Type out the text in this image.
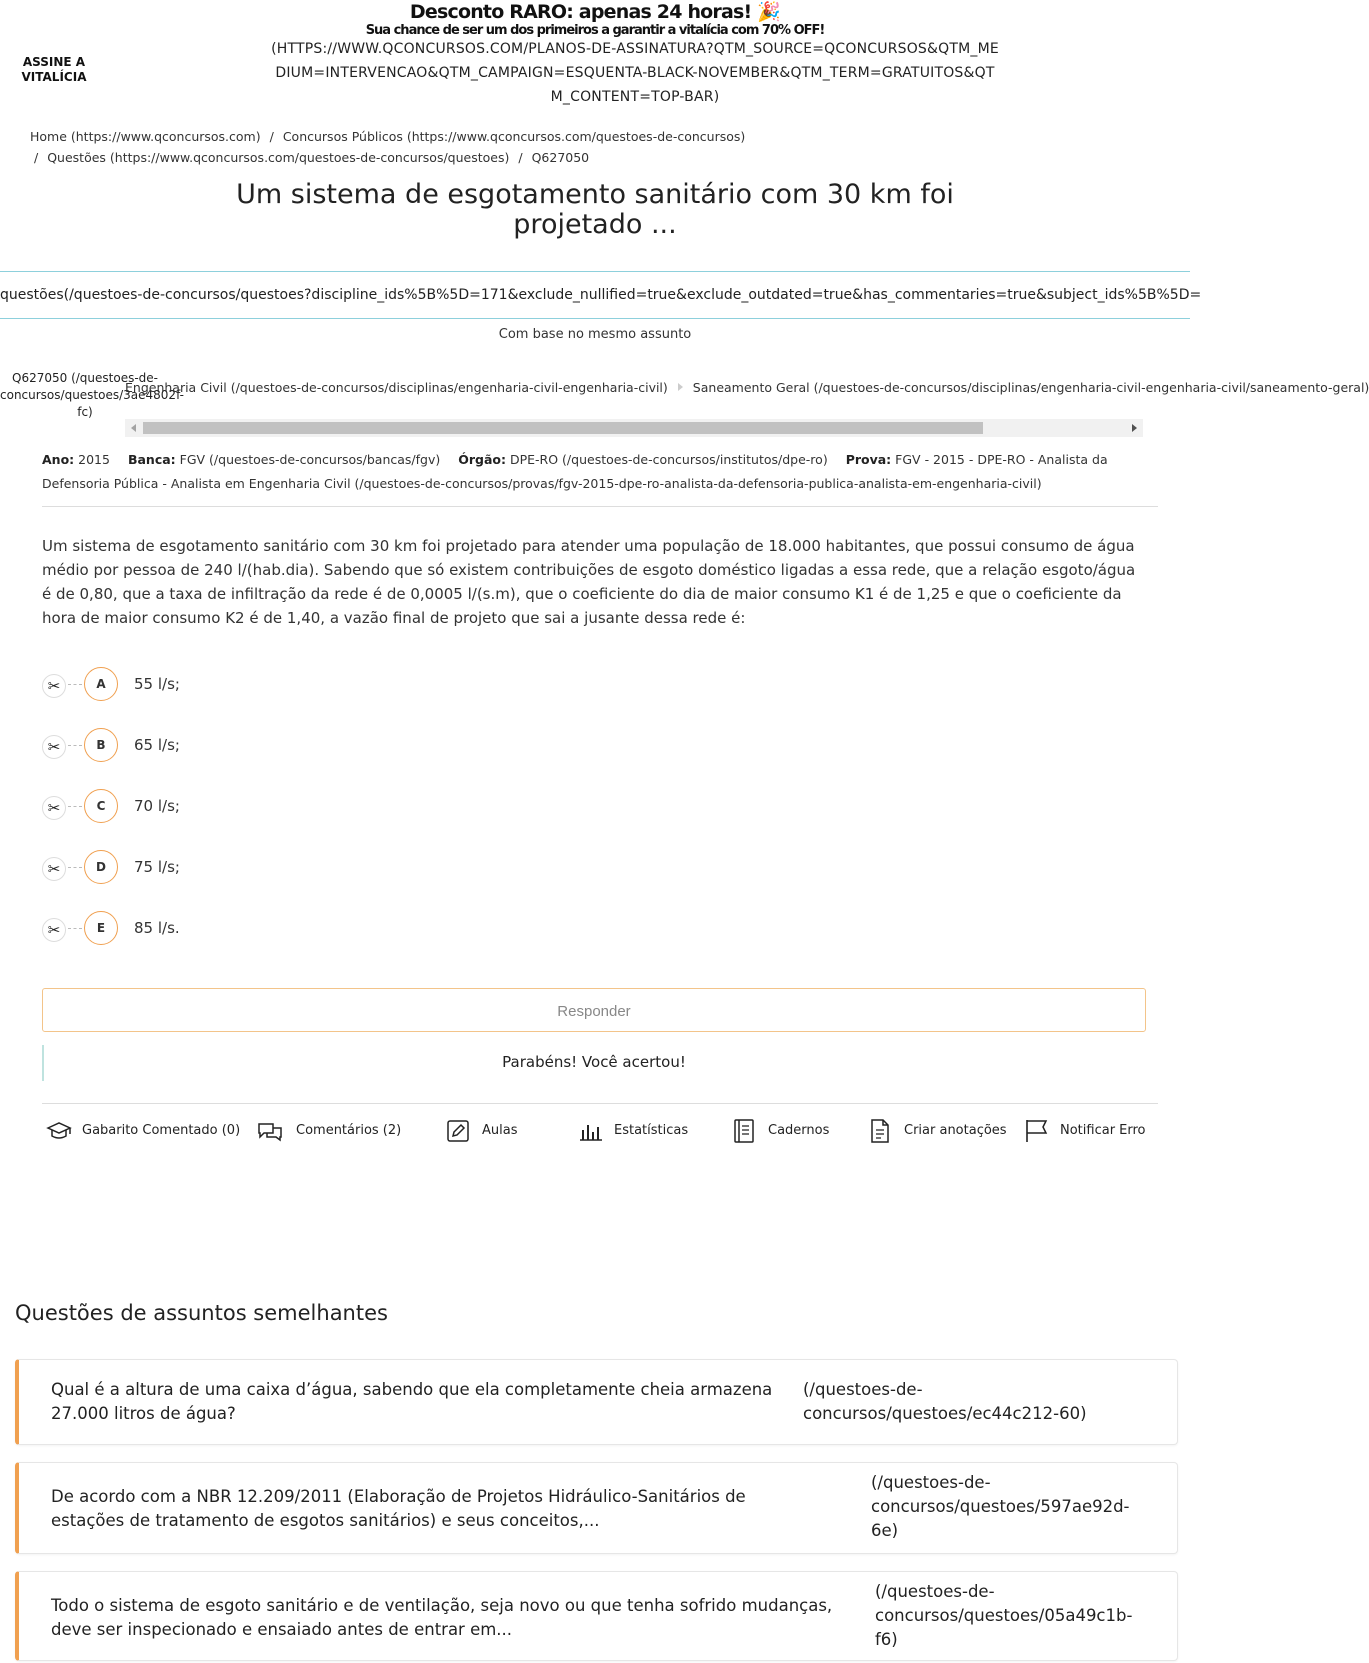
Desconto RARO: apenas 24 horas! 🎉
Sua chance de ser um dos primeiros a garantir a vitalícia com 70% OFF!
(HTTPS://WWW.QCONCURSOS.COM/PLANOS-DE-ASSINATURA?QTM_SOURCE=QCONCURSOS&QTM_MEDIUM=INTERVENCAO&QTM_CAMPAIGN=ESQUENTA-BLACK-NOVEMBER&QTM_TERM=GRATUITOS&QTM_CONTENT=TOP-BAR)
ASSINE A VITALÍCIA
Home (https://www.qconcursos.com) / Concursos Públicos (https://www.qconcursos.com/questoes-de-concursos)
/ Questões (https://www.qconcursos.com/questoes-de-concursos/questoes) / Q627050
Um sistema de esgotamento sanitário com 30 km foi projetado ...
questões(/questoes-de-concursos/questoes?discipline_ids%5B%5D=171&exclude_nullified=true&exclude_outdated=true&has_commentaries=true&subject_ids%5B%5D=
Com base no mesmo assunto
Q627050 (/questoes-de-concursos/questoes/3ae4802f-fc)
Engenharia Civil (/questoes-de-concursos/disciplinas/engenharia-civil-engenharia-civil) Saneamento Geral (/questoes-de-concursos/disciplinas/engenharia-civil-engenharia-civil/saneamento-geral)
Ano: 2015 Banca: FGV (/questoes-de-concursos/bancas/fgv) Órgão: DPE-RO (/questoes-de-concursos/institutos/dpe-ro) Prova: FGV - 2015 - DPE-RO - Analista da Defensoria Pública - Analista em Engenharia Civil (/questoes-de-concursos/provas/fgv-2015-dpe-ro-analista-da-defensoria-publica-analista-em-engenharia-civil)
Um sistema de esgotamento sanitário com 30 km foi projetado para atender uma população de 18.000 habitantes, que possui consumo de água médio por pessoa de 240 l/(hab.dia). Sabendo que só existem contribuições de esgoto doméstico ligadas a essa rede, que a relação esgoto/água é de 0,80, que a taxa de infiltração da rede é de 0,0005 l/(s.m), que o coeficiente do dia de maior consumo K1 é de 1,25 e que o coeficiente da hora de maior consumo K2 é de 1,40, a vazão final de projeto que sai a jusante dessa rede é:
✂	A	55 l/s;
✂	B	65 l/s;
✂	C	70 l/s;
✂	D	75 l/s;
✂	E	85 l/s.
Responder
Parabéns! Você acertou!
Gabarito Comentado (0)	Comentários (2)	Aulas	Estatísticas	Cadernos	Criar anotações	Notificar Erro
Questões de assuntos semelhantes
Qual é a altura de uma caixa d’água, sabendo que ela completamente cheia armazena 27.000 litros de água?
(/questoes-de-concursos/questoes/ec44c212-60)
De acordo com a NBR 12.209/2011 (Elaboração de Projetos Hidráulico-Sanitários de estações de tratamento de esgotos sanitários) e seus conceitos,...
(/questoes-de-concursos/questoes/597ae92d-6e)
Todo o sistema de esgoto sanitário e de ventilação, seja novo ou que tenha sofrido mudanças, deve ser inspecionado e ensaiado antes de entrar em...
(/questoes-de-concursos/questoes/05a49c1b-f6)
